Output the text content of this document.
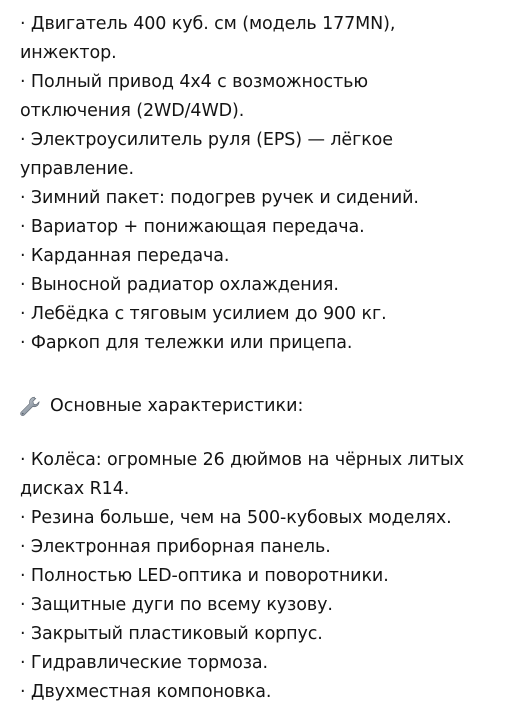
· Двигатель 400 куб. см (модель 177MN),
инжектор.
· Полный привод 4х4 с возможностью
отключения (2WD/4WD).
· Электроусилитель руля (EPS) — лёгкое
управление.
· Зимний пакет: подогрев ручек и сидений.
· Вариатор + понижающая передача.
· Карданная передача.
· Выносной радиатор охлаждения.
· Лебёдка с тяговым усилием до 900 кг.
· Фаркоп для тележки или прицепа.
Основные характеристики:
· Колёса: огромные 26 дюймов на чёрных литых
дисках R14.
· Резина больше, чем на 500-кубовых моделях.
· Электронная приборная панель.
· Полностью LED-оптика и поворотники.
· Защитные дуги по всему кузову.
· Закрытый пластиковый корпус.
· Гидравлические тормоза.
· Двухместная компоновка.
